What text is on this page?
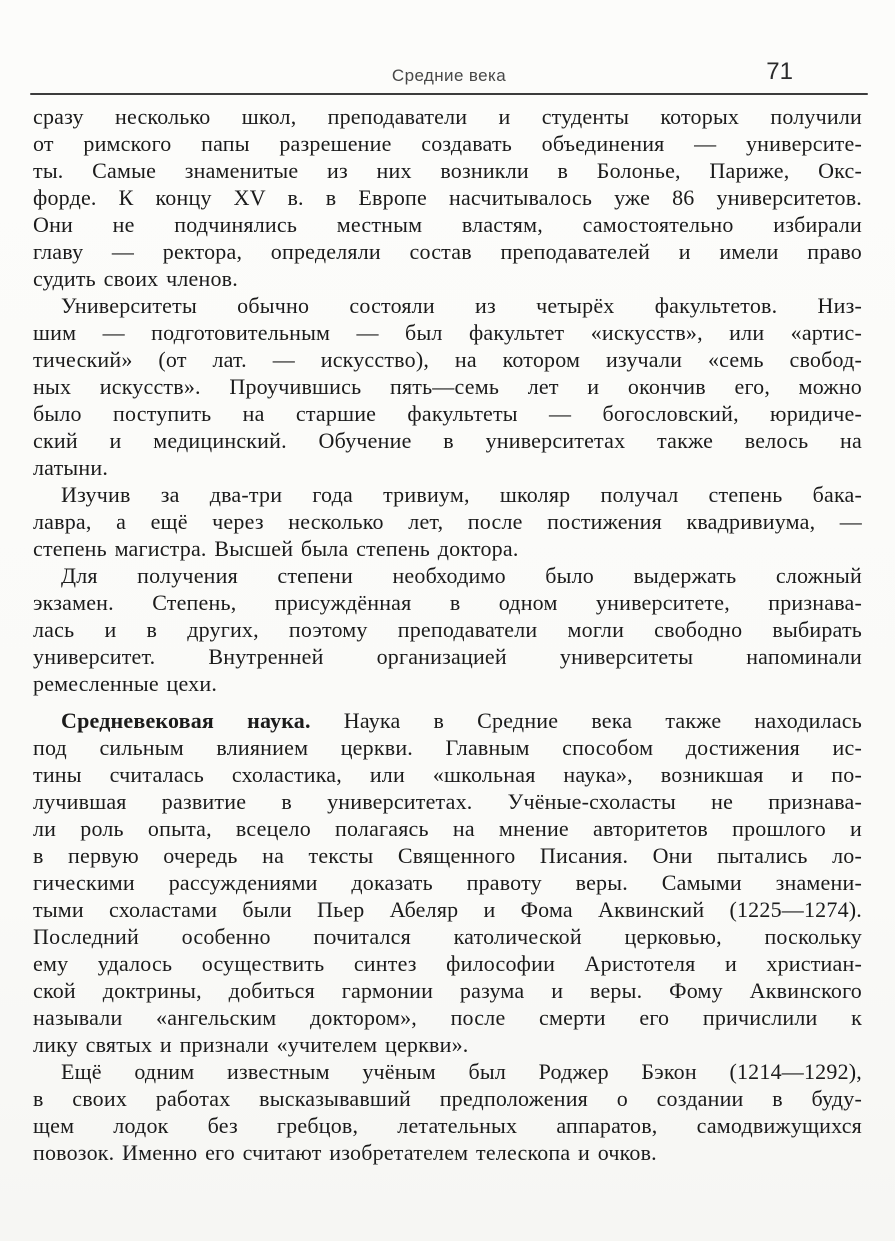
Средние века	71
сразу несколько школ, преподаватели и студенты которых получили
от римского папы разрешение создавать объединения — университе-
ты. Самые знаменитые из них возникли в Болонье, Париже, Окс-
форде. К концу XV в. в Европе насчитывалось уже 86 университетов.
Они не подчинялись местным властям, самостоятельно избирали
главу — ректора, определяли состав преподавателей и имели право
судить своих членов.
Университеты обычно состояли из четырёх факультетов. Низ-
шим — подготовительным — был факультет «искусств», или «артис-
тический» (от лат. — искусство), на котором изучали «семь свобод-
ных искусств». Проучившись пять—семь лет и окончив его, можно
было поступить на старшие факультеты — богословский, юридиче-
ский и медицинский. Обучение в университетах также велось на
латыни.
Изучив за два-три года тривиум, школяр получал степень бака-
лавра, а ещё через несколько лет, после постижения квадривиума, —
степень магистра. Высшей была степень доктора.
Для получения степени необходимо было выдержать сложный
экзамен. Степень, присуждённая в одном университете, признава-
лась и в других, поэтому преподаватели могли свободно выбирать
университет. Внутренней организацией университеты напоминали
ремесленные цехи.
Средневековая наука. Наука в Средние века также находилась
под сильным влиянием церкви. Главным способом достижения ис-
тины считалась схоластика, или «школьная наука», возникшая и по-
лучившая развитие в университетах. Учёные-схоласты не признава-
ли роль опыта, всецело полагаясь на мнение авторитетов прошлого и
в первую очередь на тексты Священного Писания. Они пытались ло-
гическими рассуждениями доказать правоту веры. Самыми знамени-
тыми схоластами были Пьер Абеляр и Фома Аквинский (1225—1274).
Последний особенно почитался католической церковью, поскольку
ему удалось осуществить синтез философии Аристотеля и христиан-
ской доктрины, добиться гармонии разума и веры. Фому Аквинского
называли «ангельским доктором», после смерти его причислили к
лику святых и признали «учителем церкви».
Ещё одним известным учёным был Роджер Бэкон (1214—1292),
в своих работах высказывавший предположения о создании в буду-
щем лодок без гребцов, летательных аппаратов, самодвижущихся
повозок. Именно его считают изобретателем телескопа и очков.
